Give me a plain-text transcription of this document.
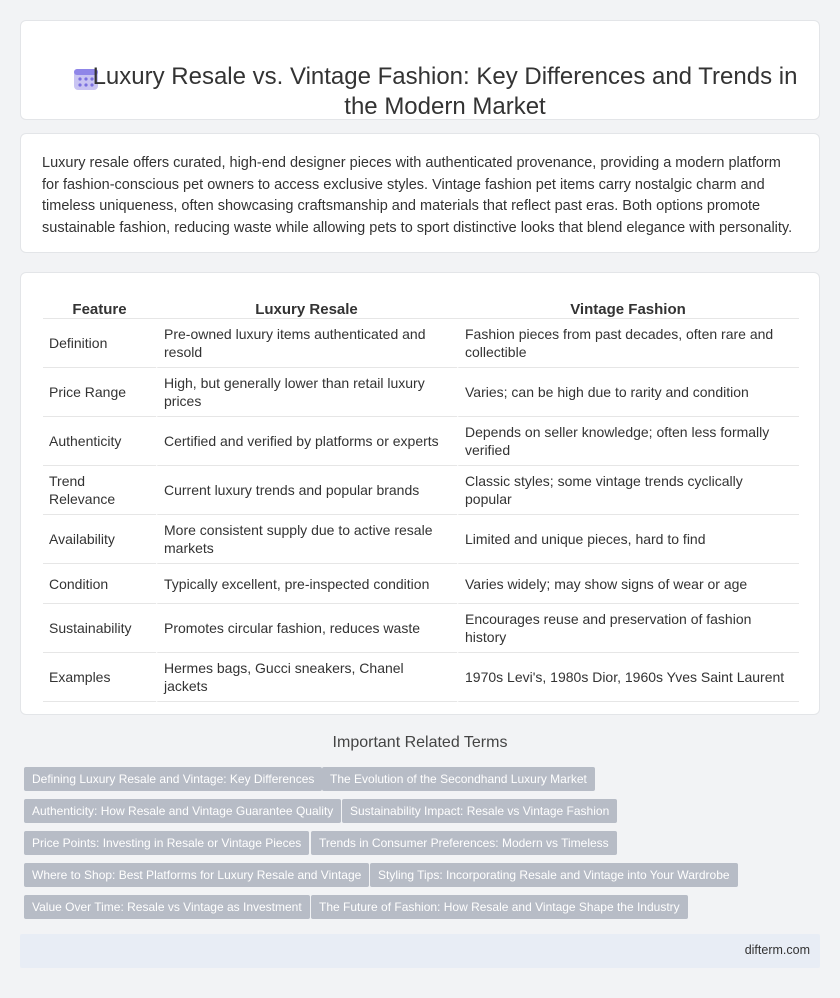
Luxury Resale vs. Vintage Fashion: Key Differences and Trends in the Modern Market

Luxury resale offers curated, high-end designer pieces with authenticated provenance, providing a modern platform for fashion-conscious pet owners to access exclusive styles. Vintage fashion pet items carry nostalgic charm and timeless uniqueness, often showcasing craftsmanship and materials that reflect past eras. Both options promote sustainable fashion, reducing waste while allowing pets to sport distinctive looks that blend elegance with personality.

Feature	Luxury Resale	Vintage Fashion
Definition	Pre-owned luxury items authenticated and resold	Fashion pieces from past decades, often rare and collectible
Price Range	High, but generally lower than retail luxury prices	Varies; can be high due to rarity and condition
Authenticity	Certified and verified by platforms or experts	Depends on seller knowledge; often less formally verified
Trend Relevance	Current luxury trends and popular brands	Classic styles; some vintage trends cyclically popular
Availability	More consistent supply due to active resale markets	Limited and unique pieces, hard to find
Condition	Typically excellent, pre-inspected condition	Varies widely; may show signs of wear or age
Sustainability	Promotes circular fashion, reduces waste	Encourages reuse and preservation of fashion history
Examples	Hermes bags, Gucci sneakers, Chanel jackets	1970s Levi's, 1980s Dior, 1960s Yves Saint Laurent
Important Related Terms
Defining Luxury Resale and Vintage: Key Differences	The Evolution of the Secondhand Luxury Market
Authenticity: How Resale and Vintage Guarantee Quality	Sustainability Impact: Resale vs Vintage Fashion
Price Points: Investing in Resale or Vintage Pieces	Trends in Consumer Preferences: Modern vs Timeless
Where to Shop: Best Platforms for Luxury Resale and Vintage	Styling Tips: Incorporating Resale and Vintage into Your Wardrobe
Value Over Time: Resale vs Vintage as Investment	The Future of Fashion: How Resale and Vintage Shape the Industry
difterm.com
